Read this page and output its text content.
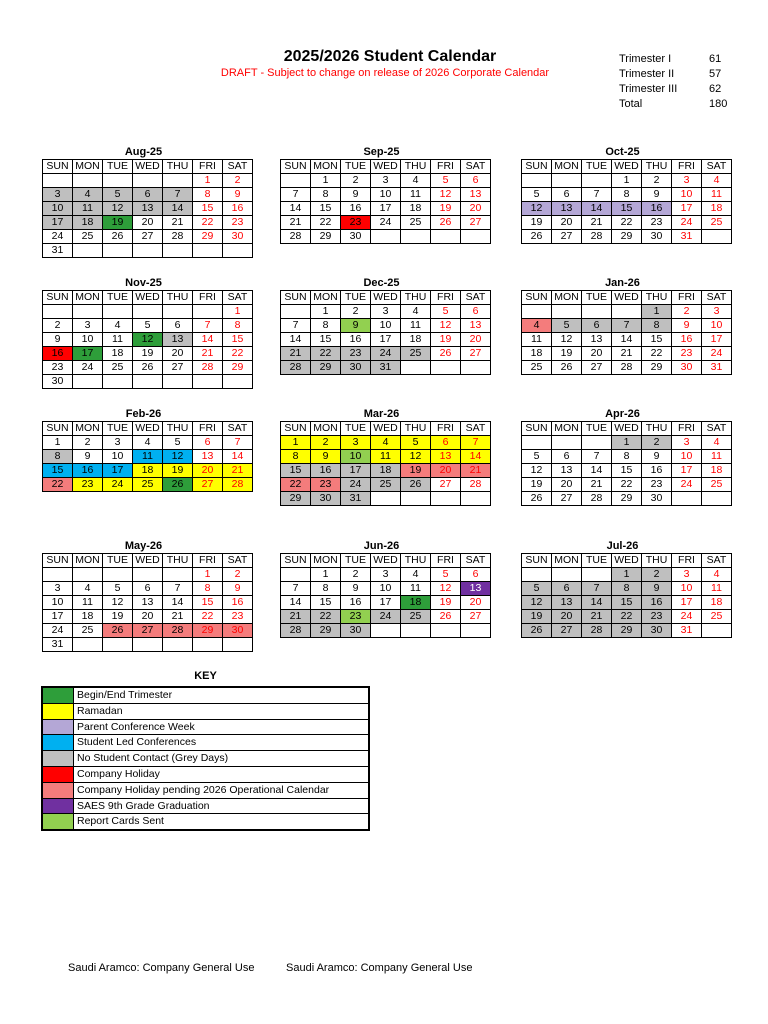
2025/2026 Student Calendar
DRAFT - Subject to change on release of 2026 Corporate Calendar
Trimester I	61
Trimester II	57
Trimester III	62
Total	180
Aug-25
SUN	MON	TUE	WED	THU	FRI	SAT
					1	2
3	4	5	6	7	8	9
10	11	12	13	14	15	16
17	18	19	20	21	22	23
24	25	26	27	28	29	30
31						
Sep-25
SUN	MON	TUE	WED	THU	FRI	SAT
	1	2	3	4	5	6
7	8	9	10	11	12	13
14	15	16	17	18	19	20
21	22	23	24	25	26	27
28	29	30				
Oct-25
SUN	MON	TUE	WED	THU	FRI	SAT
			1	2	3	4
5	6	7	8	9	10	11
12	13	14	15	16	17	18
19	20	21	22	23	24	25
26	27	28	29	30	31	
Nov-25
SUN	MON	TUE	WED	THU	FRI	SAT
						1
2	3	4	5	6	7	8
9	10	11	12	13	14	15
16	17	18	19	20	21	22
23	24	25	26	27	28	29
30						
Dec-25
SUN	MON	TUE	WED	THU	FRI	SAT
	1	2	3	4	5	6
7	8	9	10	11	12	13
14	15	16	17	18	19	20
21	22	23	24	25	26	27
28	29	30	31			
Jan-26
SUN	MON	TUE	WED	THU	FRI	SAT
				1	2	3
4	5	6	7	8	9	10
11	12	13	14	15	16	17
18	19	20	21	22	23	24
25	26	27	28	29	30	31
Feb-26
SUN	MON	TUE	WED	THU	FRI	SAT
1	2	3	4	5	6	7
8	9	10	11	12	13	14
15	16	17	18	19	20	21
22	23	24	25	26	27	28
Mar-26
SUN	MON	TUE	WED	THU	FRI	SAT
1	2	3	4	5	6	7
8	9	10	11	12	13	14
15	16	17	18	19	20	21
22	23	24	25	26	27	28
29	30	31				
Apr-26
SUN	MON	TUE	WED	THU	FRI	SAT
			1	2	3	4
5	6	7	8	9	10	11
12	13	14	15	16	17	18
19	20	21	22	23	24	25
26	27	28	29	30		
May-26
SUN	MON	TUE	WED	THU	FRI	SAT
					1	2
3	4	5	6	7	8	9
10	11	12	13	14	15	16
17	18	19	20	21	22	23
24	25	26	27	28	29	30
31						
Jun-26
SUN	MON	TUE	WED	THU	FRI	SAT
	1	2	3	4	5	6
7	8	9	10	11	12	13
14	15	16	17	18	19	20
21	22	23	24	25	26	27
28	29	30				
Jul-26
SUN	MON	TUE	WED	THU	FRI	SAT
			1	2	3	4
5	6	7	8	9	10	11
12	13	14	15	16	17	18
19	20	21	22	23	24	25
26	27	28	29	30	31	
KEY
Begin/End Trimester
Ramadan
Parent Conference Week
Student Led Conferences
No Student Contact (Grey Days)
Company Holiday
Company Holiday pending 2026 Operational Calendar
SAES 9th Grade Graduation
Report Cards Sent
Saudi Aramco: Company General Use	Saudi Aramco: Company General Use
